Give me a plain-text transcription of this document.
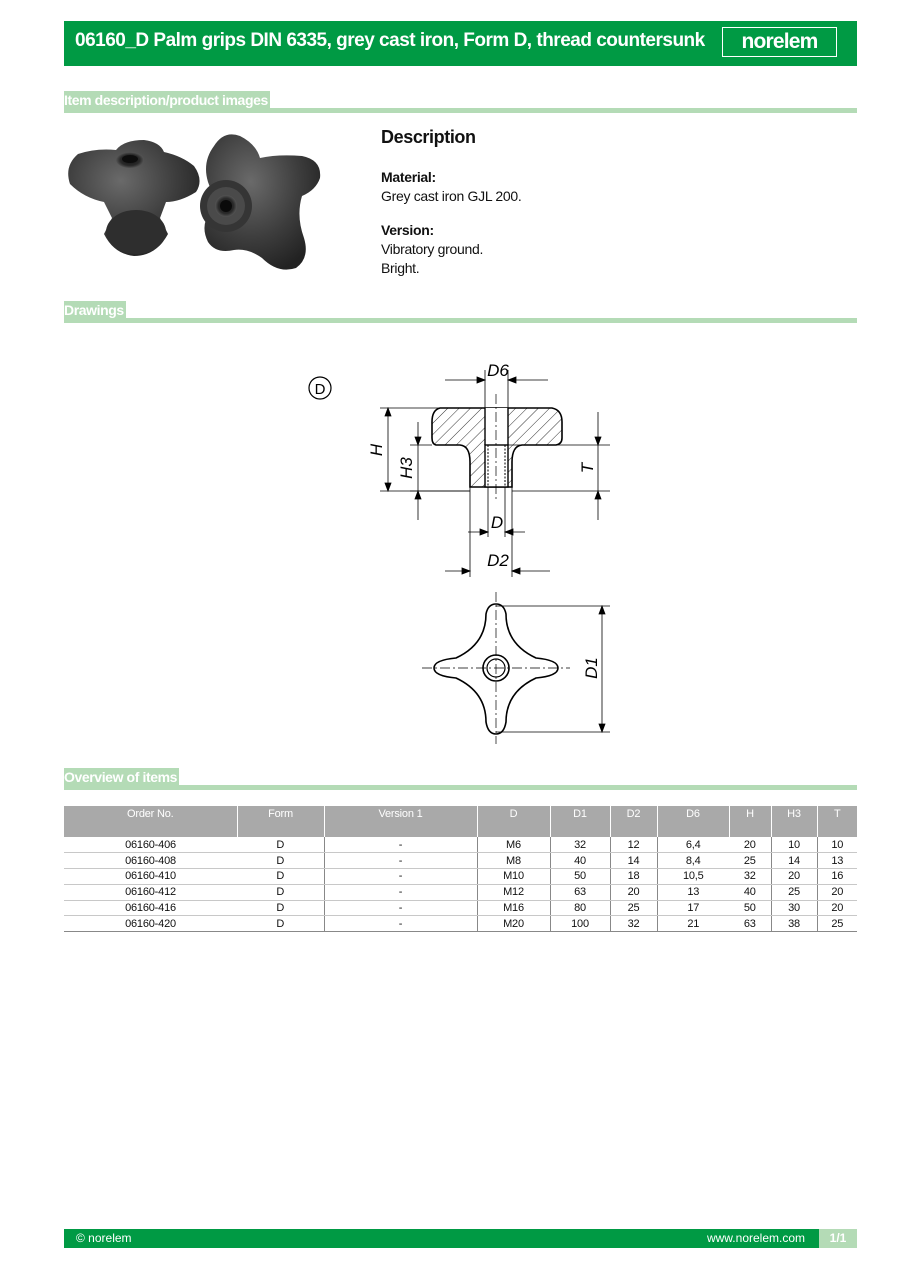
06160_D Palm grips DIN 6335, grey cast iron, Form D, thread countersunk	norelem
Item description/product images
Description
Material:
Grey cast iron GJL 200.
Version:
Vibratory ground.
Bright.
Drawings
D
D6
H
H3	T
D
D2
D1
Overview of items
Order No.	Form	Version 1	D	D1	D2	D6	H	H3	T
06160-406	D	-	M6	32	12	6,4	20	10	10
06160-408	D	-	M8	40	14	8,4	25	14	13
06160-410	D	-	M10	50	18	10,5	32	20	16
06160-412	D	-	M12	63	20	13	40	25	20
06160-416	D	-	M16	80	25	17	50	30	20
06160-420	D	-	M20	100	32	21	63	38	25
© norelem	www.norelem.com	1/1
